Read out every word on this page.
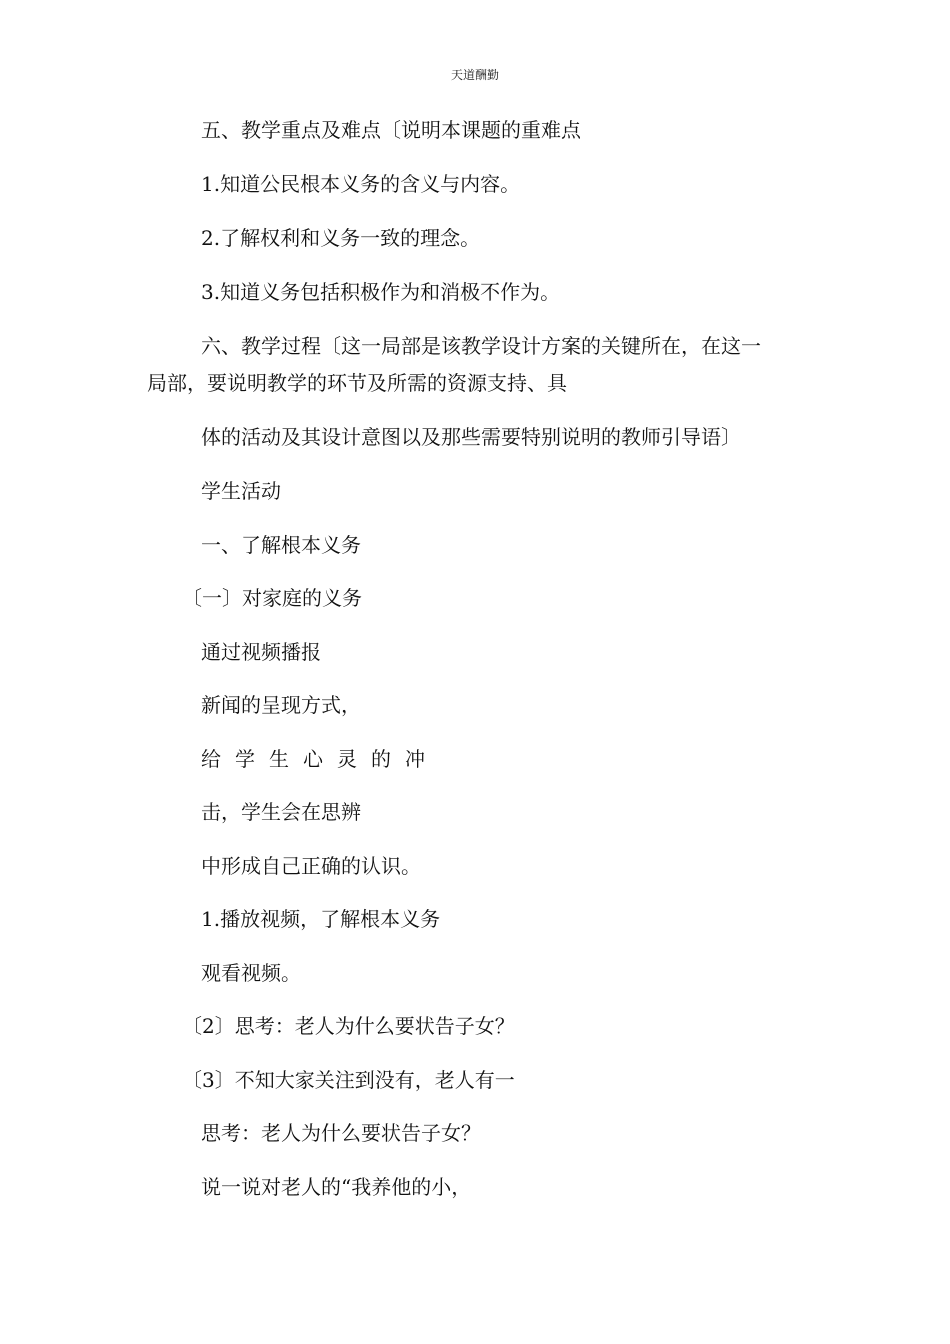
天道酬勤
五、教学重点及难点〔说明本课题的重难点
1.知道公民根本义务的含义与内容。
2.了解权利和义务一致的理念。
3.知道义务包括积极作为和消极不作为。
六、教学过程〔这一局部是该教学设计方案的关键所在，在这一
局部，要说明教学的环节及所需的资源支持、具
体的活动及其设计意图以及那些需要特别说明的教师引导语〕
学生活动
一、了解根本义务
〔一〕对家庭的义务
通过视频播报
新闻的呈现方式，
给学生心灵的冲
击，学生会在思辨
中形成自己正确的认识。
1.播放视频，了解根本义务
观看视频。
〔2〕思考：老人为什么要状告子女？
〔3〕不知大家关注到没有，老人有一
思考：老人为什么要状告子女？
说一说对老人的“我养他的小，
